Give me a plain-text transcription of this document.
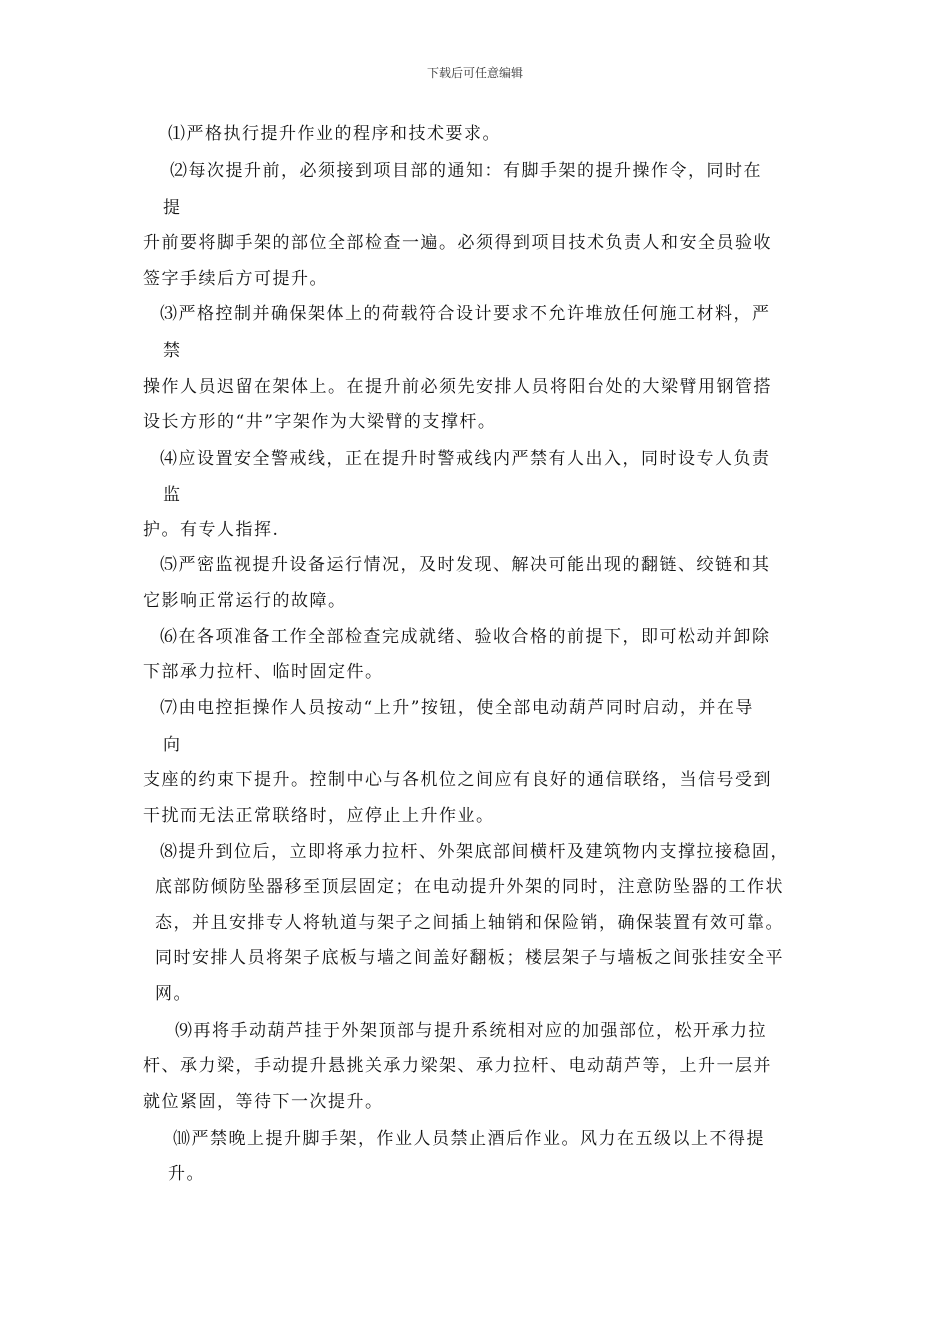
下载后可任意编辑
⑴严格执行提升作业的程序和技术要求。
⑵每次提升前，必须接到项目部的通知：有脚手架的提升操作令，同时在
提
升前要将脚手架的部位全部检查一遍。必须得到项目技术负责人和安全员验收
签字手续后方可提升。
⑶严格控制并确保架体上的荷载符合设计要求不允许堆放任何施工材料，严
禁
操作人员迟留在架体上。在提升前必须先安排人员将阳台处的大梁臂用钢管搭
设长方形的“井”字架作为大梁臂的支撑杆。
⑷应设置安全警戒线，正在提升时警戒线内严禁有人出入，同时设专人负责
监
护。有专人指挥.
⑸严密监视提升设备运行情况，及时发现、解决可能出现的翻链、绞链和其
它影响正常运行的故障。
⑹在各项准备工作全部检查完成就绪、验收合格的前提下，即可松动并卸除
下部承力拉杆、临时固定件。
⑺由电控拒操作人员按动“上升”按钮，使全部电动葫芦同时启动，并在导
向
支座的约束下提升。控制中心与各机位之间应有良好的通信联络，当信号受到
干扰而无法正常联络时，应停止上升作业。
⑻提升到位后，立即将承力拉杆、外架底部间横杆及建筑物内支撑拉接稳固，
底部防倾防坠器移至顶层固定；在电动提升外架的同时，注意防坠器的工作状
态，并且安排专人将轨道与架子之间插上轴销和保险销，确保装置有效可靠。
同时安排人员将架子底板与墙之间盖好翻板；楼层架子与墙板之间张挂安全平
网。
⑼再将手动葫芦挂于外架顶部与提升系统相对应的加强部位，松开承力拉
杆、承力梁，手动提升悬挑关承力梁架、承力拉杆、电动葫芦等，上升一层并
就位紧固，等待下一次提升。
⑽严禁晚上提升脚手架，作业人员禁止酒后作业。风力在五级以上不得提
升。
